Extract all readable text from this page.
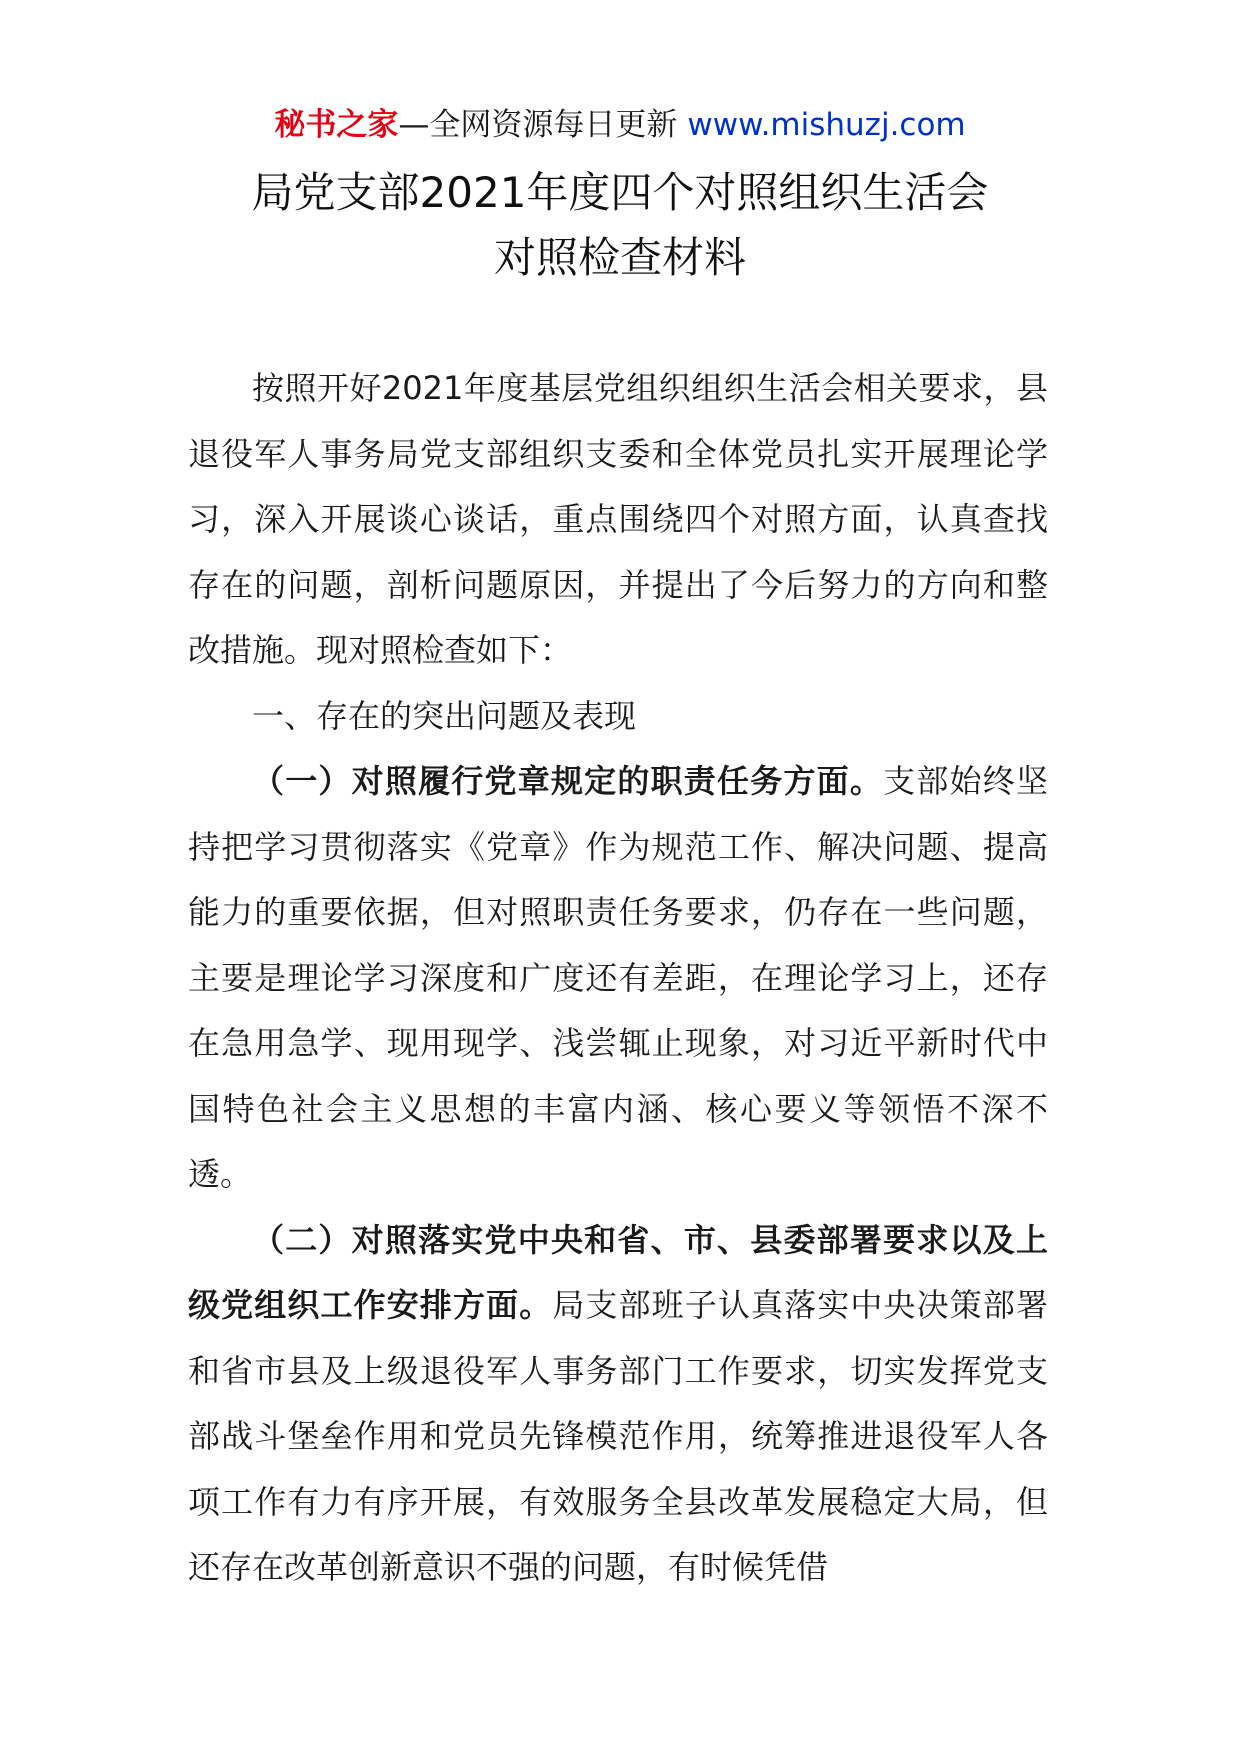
秘书之家—全网资源每日更新 www.mishuzj.com
局党支部2021年度四个对照组织生活会
对照检查材料

按照开好2021年度基层党组织组织生活会相关要求，县退役军人事务局党支部组织支委和全体党员扎实开展理论学习，深入开展谈心谈话，重点围绕四个对照方面，认真查找存在的问题，剖析问题原因，并提出了今后努力的方向和整改措施。现对照检查如下：

一、存在的突出问题及表现

（一）对照履行党章规定的职责任务方面。支部始终坚持把学习贯彻落实《党章》作为规范工作、解决问题、提高能力的重要依据，但对照职责任务要求，仍存在一些问题，主要是理论学习深度和广度还有差距，在理论学习上，还存在急用急学、现用现学、浅尝辄止现象，对习近平新时代中国特色社会主义思想的丰富内涵、核心要义等领悟不深不透。

（二）对照落实党中央和省、市、县委部署要求以及上级党组织工作安排方面。局支部班子认真落实中央决策部署和省市县及上级退役军人事务部门工作要求，切实发挥党支部战斗堡垒作用和党员先锋模范作用，统筹推进退役军人各项工作有力有序开展，有效服务全县改革发展稳定大局，但还存在改革创新意识不强的问题，有时候凭借
